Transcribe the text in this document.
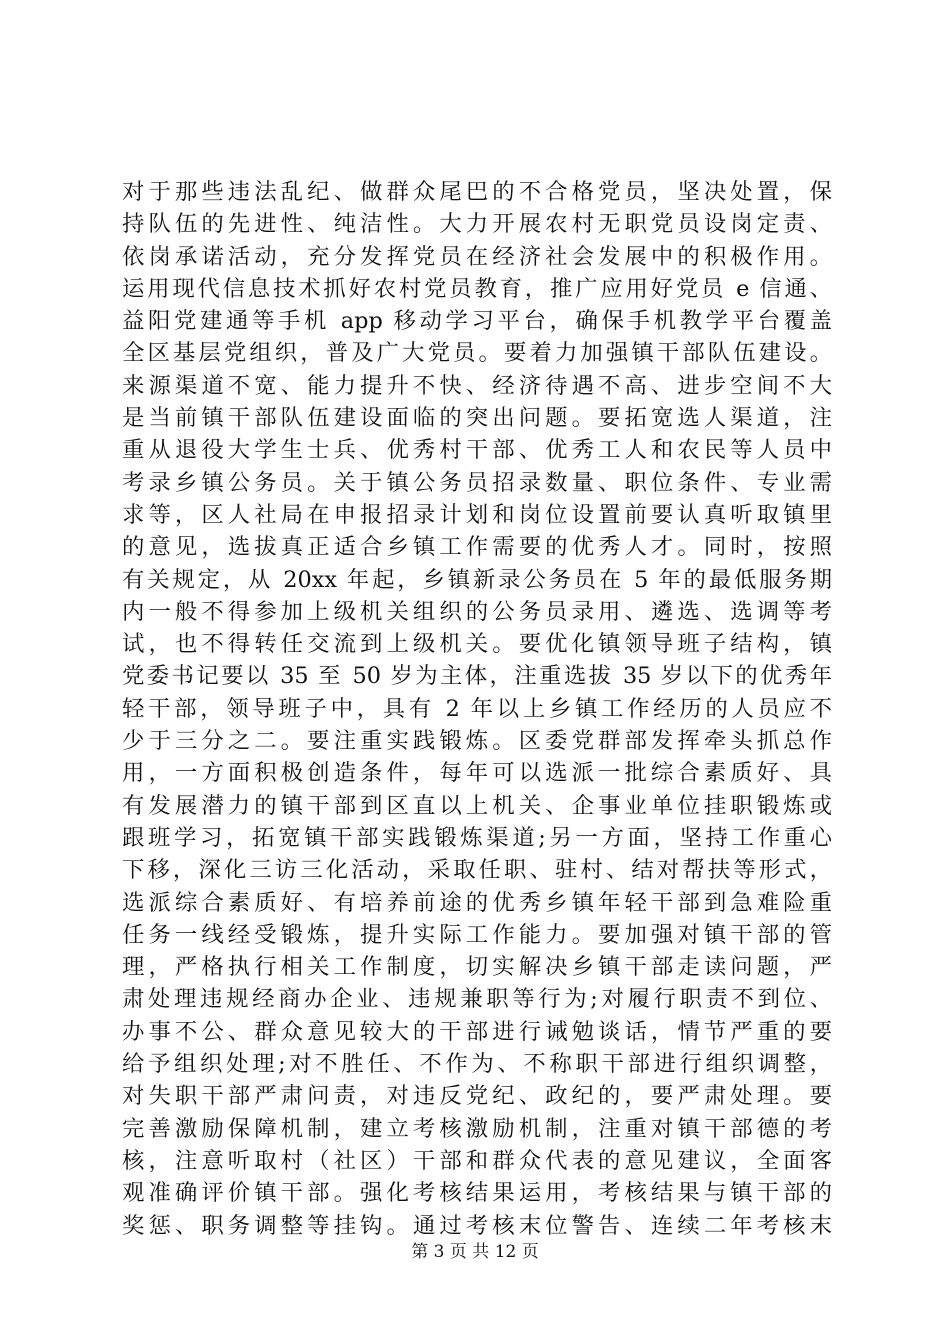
对于那些违法乱纪、做群众尾巴的不合格党员，坚决处置，保
持队伍的先进性、纯洁性。大力开展农村无职党员设岗定责、
依岗承诺活动，充分发挥党员在经济社会发展中的积极作用。
运用现代信息技术抓好农村党员教育，推广应用好党员 e 信通、
益阳党建通等手机 app 移动学习平台，确保手机教学平台覆盖
全区基层党组织，普及广大党员。要着力加强镇干部队伍建设。
来源渠道不宽、能力提升不快、经济待遇不高、进步空间不大
是当前镇干部队伍建设面临的突出问题。要拓宽选人渠道，注
重从退役大学生士兵、优秀村干部、优秀工人和农民等人员中
考录乡镇公务员。关于镇公务员招录数量、职位条件、专业需
求等，区人社局在申报招录计划和岗位设置前要认真听取镇里
的意见，选拔真正适合乡镇工作需要的优秀人才。同时，按照
有关规定，从 20xx 年起，乡镇新录公务员在 5 年的最低服务期
内一般不得参加上级机关组织的公务员录用、遴选、选调等考
试，也不得转任交流到上级机关。要优化镇领导班子结构，镇
党委书记要以 35 至 50 岁为主体，注重选拔 35 岁以下的优秀年
轻干部，领导班子中，具有 2 年以上乡镇工作经历的人员应不
少于三分之二。要注重实践锻炼。区委党群部发挥牵头抓总作
用，一方面积极创造条件，每年可以选派一批综合素质好、具
有发展潜力的镇干部到区直以上机关、企事业单位挂职锻炼或
跟班学习，拓宽镇干部实践锻炼渠道;另一方面，坚持工作重心
下移，深化三访三化活动，采取任职、驻村、结对帮扶等形式，
选派综合素质好、有培养前途的优秀乡镇年轻干部到急难险重
任务一线经受锻炼，提升实际工作能力。要加强对镇干部的管
理，严格执行相关工作制度，切实解决乡镇干部走读问题，严
肃处理违规经商办企业、违规兼职等行为;对履行职责不到位、
办事不公、群众意见较大的干部进行诫勉谈话，情节严重的要
给予组织处理;对不胜任、不作为、不称职干部进行组织调整，
对失职干部严肃问责，对违反党纪、政纪的，要严肃处理。要
完善激励保障机制，建立考核激励机制，注重对镇干部德的考
核，注意听取村（社区）干部和群众代表的意见建议，全面客
观准确评价镇干部。强化考核结果运用，考核结果与镇干部的
奖惩、职务调整等挂钩。通过考核末位警告、连续二年考核末
第 3 页 共 12 页
